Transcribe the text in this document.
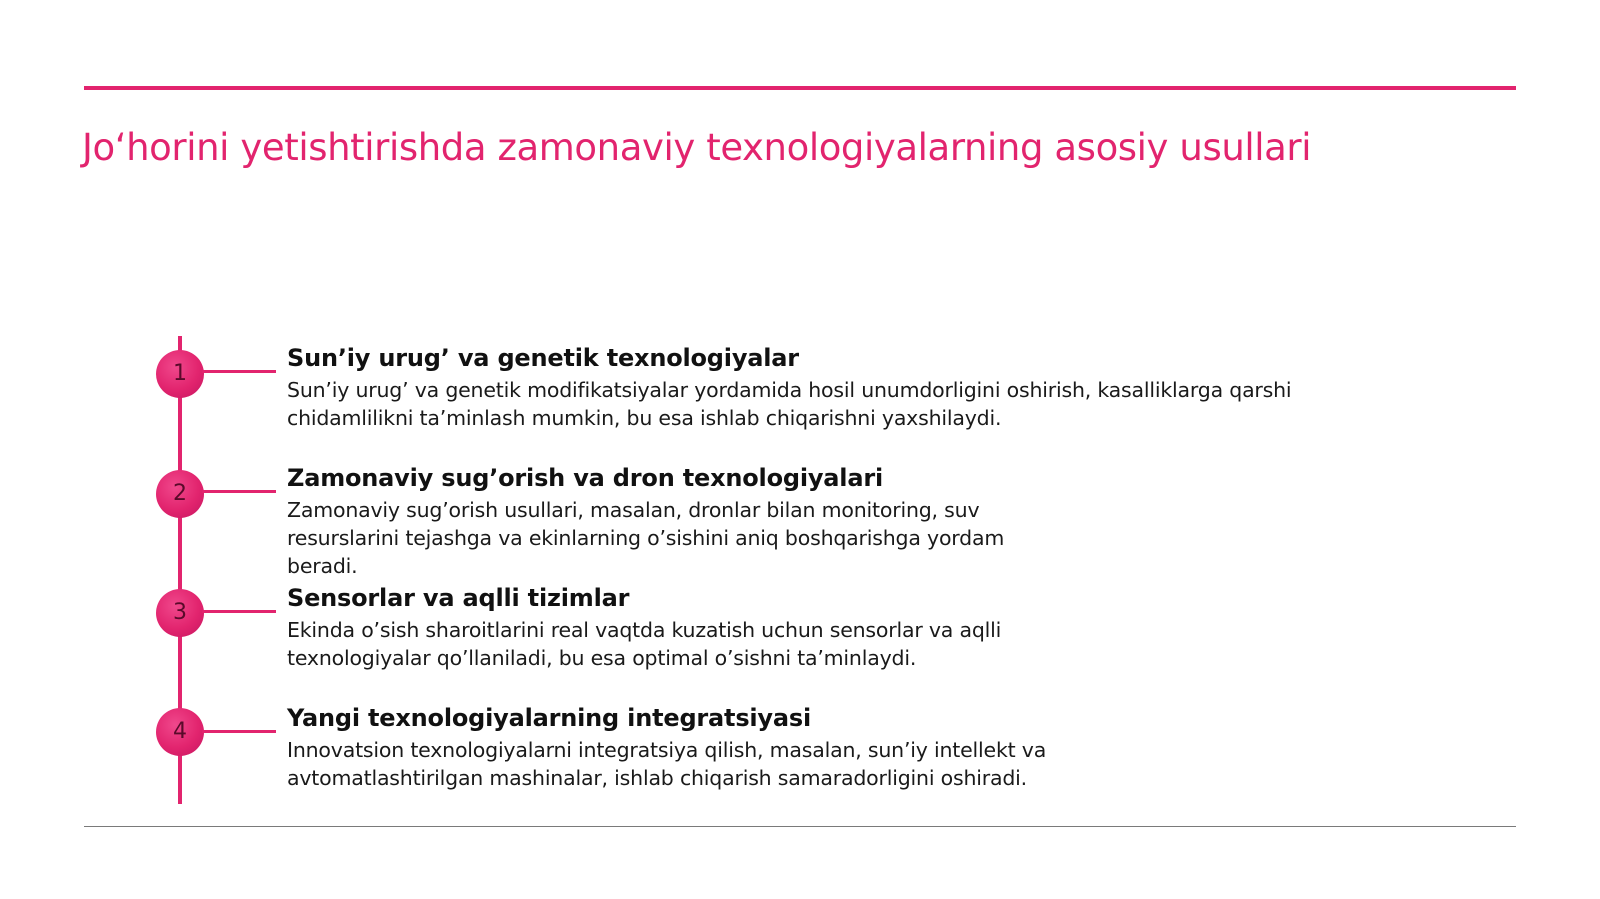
Jo‘horini yetishtirishda zamonaviy texnologiyalarning asosiy usullari
1
Sun’iy urug’ va genetik texnologiyalar

Sun’iy urug’ va genetik modifikatsiyalar yordamida hosil unumdorligini oshirish, kasalliklarga qarshi chidamlilikni ta’minlash mumkin, bu esa ishlab chiqarishni yaxshilaydi.

2
Zamonaviy sug’orish va dron texnologiyalari

Zamonaviy sug’orish usullari, masalan, dronlar bilan monitoring, suv resurslarini tejashga va ekinlarning o’sishini aniq boshqarishga yordam beradi.

3
Sensorlar va aqlli tizimlar

Ekinda o’sish sharoitlarini real vaqtda kuzatish uchun sensorlar va aqlli texnologiyalar qo’llaniladi, bu esa optimal o’sishni ta’minlaydi.

4	Yangi texnologiyalarning integratsiyasi

Innovatsion texnologiyalarni integratsiya qilish, masalan, sun’iy intellekt va avtomatlashtirilgan mashinalar, ishlab chiqarish samaradorligini oshiradi.
